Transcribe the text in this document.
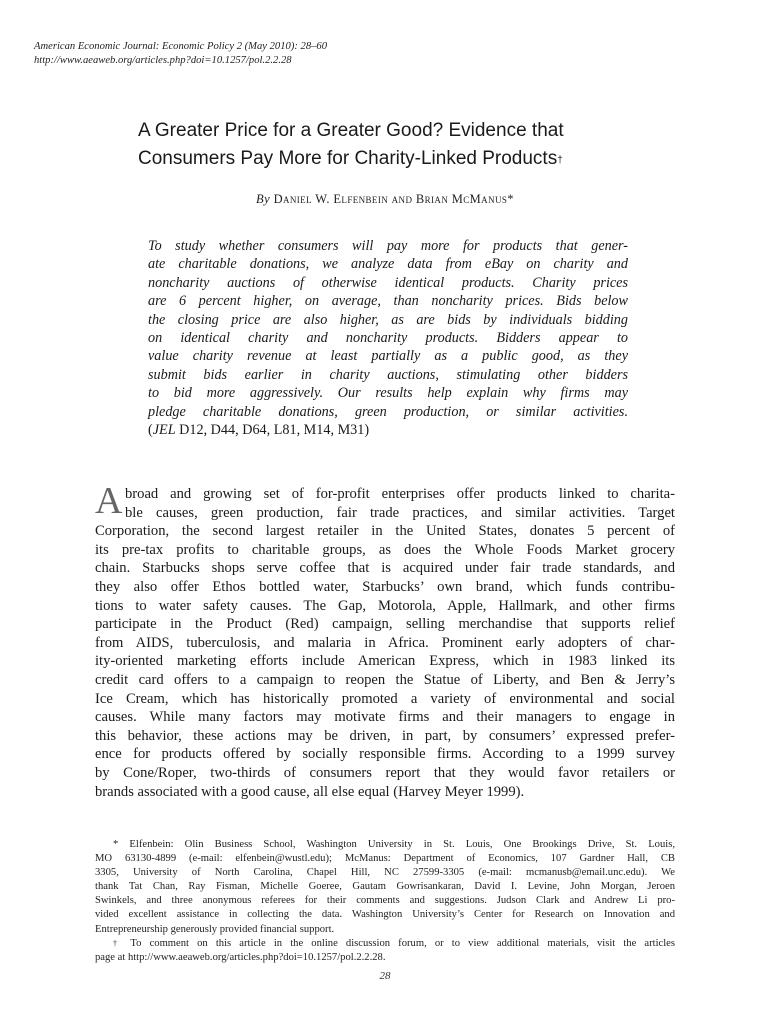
American Economic Journal: Economic Policy 2 (May 2010): 28–60
http://www.aeaweb.org/articles.php?doi=10.1257/pol.2.2.28
A Greater Price for a Greater Good? Evidence that
Consumers Pay More for Charity-Linked Products†
By Daniel W. Elfenbein and Brian McManus*
To study whether consumers will pay more for products that gener-
ate charitable donations, we analyze data from eBay on charity and
noncharity auctions of otherwise identical products. Charity prices
are 6 percent higher, on average, than noncharity prices. Bids below
the closing price are also higher, as are bids by individuals bidding
on identical charity and noncharity products. Bidders appear to
value charity revenue at least partially as a public good, as they
submit bids earlier in charity auctions, stimulating other bidders
to bid more aggressively. Our results help explain why firms may
pledge charitable donations, green production, or similar activities.
(JEL D12, D44, D64, L81, M14, M31)
A broad and growing set of for-profit enterprises offer products linked to charita-
ble causes, green production, fair trade practices, and similar activities. Target
Corporation, the second largest retailer in the United States, donates 5 percent of
its pre-tax profits to charitable groups, as does the Whole Foods Market grocery
chain. Starbucks shops serve coffee that is acquired under fair trade standards, and
they also offer Ethos bottled water, Starbucks’ own brand, which funds contribu-
tions to water safety causes. The Gap, Motorola, Apple, Hallmark, and other firms
participate in the Product (Red) campaign, selling merchandise that supports relief
from AIDS, tuberculosis, and malaria in Africa. Prominent early adopters of char-
ity-oriented marketing efforts include American Express, which in 1983 linked its
credit card offers to a campaign to reopen the Statue of Liberty, and Ben & Jerry’s
Ice Cream, which has historically promoted a variety of environmental and social
causes. While many factors may motivate firms and their managers to engage in
this behavior, these actions may be driven, in part, by consumers’ expressed prefer-
ence for products offered by socially responsible firms. According to a 1999 survey
by Cone/Roper, two-thirds of consumers report that they would favor retailers or
brands associated with a good cause, all else equal (Harvey Meyer 1999).
* Elfenbein: Olin Business School, Washington University in St. Louis, One Brookings Drive, St. Louis,
MO 63130-4899 (e-mail: elfenbein@wustl.edu); McManus: Department of Economics, 107 Gardner Hall, CB
3305, University of North Carolina, Chapel Hill, NC 27599-3305 (e-mail: mcmanusb@email.unc.edu). We
thank Tat Chan, Ray Fisman, Michelle Goeree, Gautam Gowrisankaran, David I. Levine, John Morgan, Jeroen
Swinkels, and three anonymous referees for their comments and suggestions. Judson Clark and Andrew Li pro-
vided excellent assistance in collecting the data. Washington University’s Center for Research on Innovation and
Entrepreneurship generously provided financial support.
† To comment on this article in the online discussion forum, or to view additional materials, visit the articles
page at http://www.aeaweb.org/articles.php?doi=10.1257/pol.2.2.28.
28
